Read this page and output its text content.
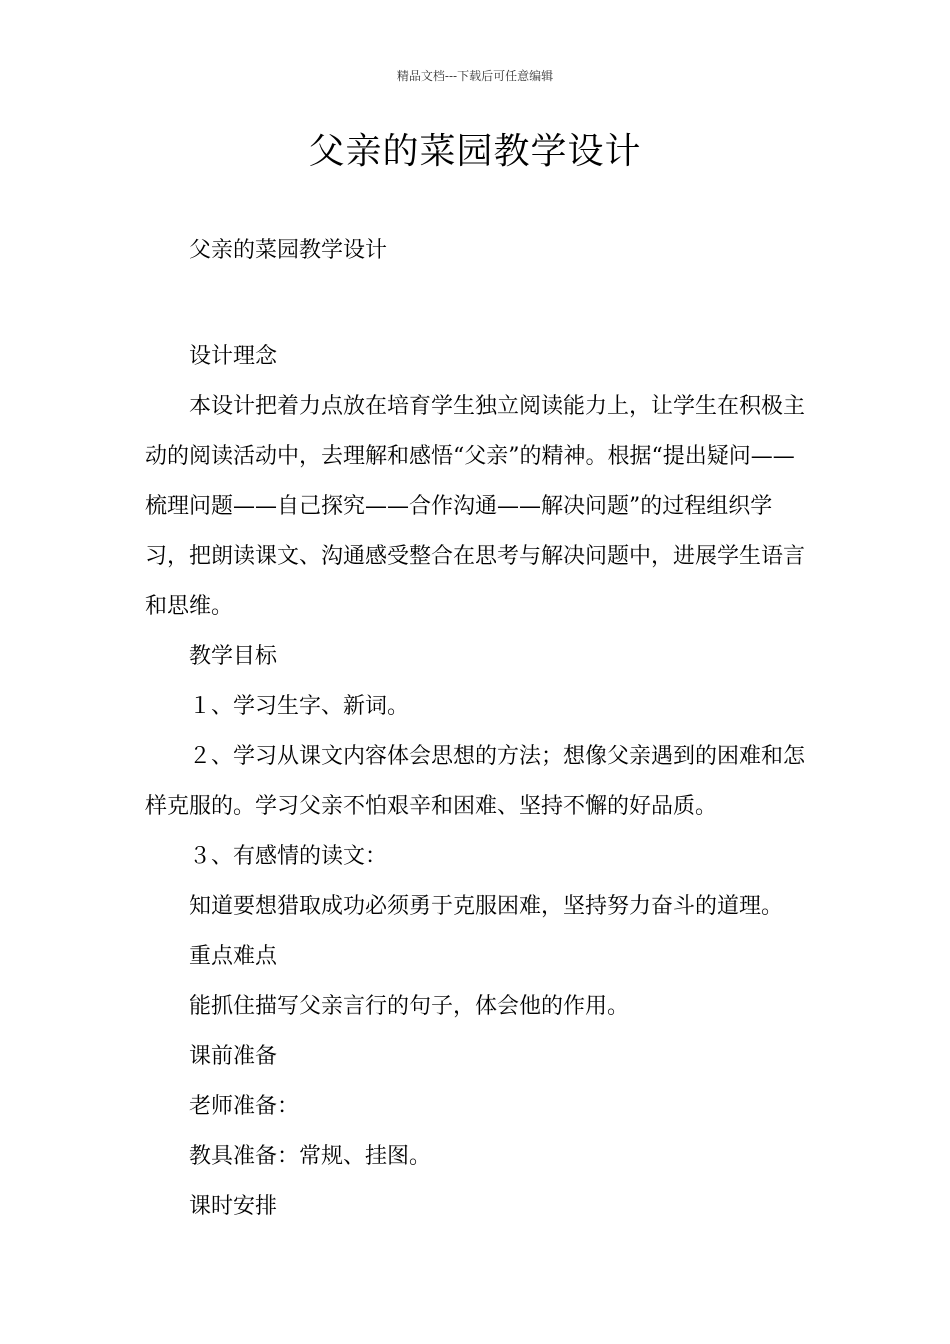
精品文档---下载后可任意编辑
父亲的菜园教学设计

父亲的菜园教学设计

设计理念

本设计把着力点放在培育学生独立阅读能力上，让学生在积极主动的阅读活动中，去理解和感悟“父亲”的精神。根据“提出疑问——梳理问题——自己探究——合作沟通——解决问题”的过程组织学习，把朗读课文、沟通感受整合在思考与解决问题中，进展学生语言和思维。

教学目标

１、学习生字、新词。

２、学习从课文内容体会思想的方法；想像父亲遇到的困难和怎样克服的。学习父亲不怕艰辛和困难、坚持不懈的好品质。

３、有感情的读文：

知道要想猎取成功必须勇于克服困难，坚持努力奋斗的道理。

重点难点

能抓住描写父亲言行的句子，体会他的作用。

课前准备

老师准备：

教具准备：常规、挂图。

课时安排
